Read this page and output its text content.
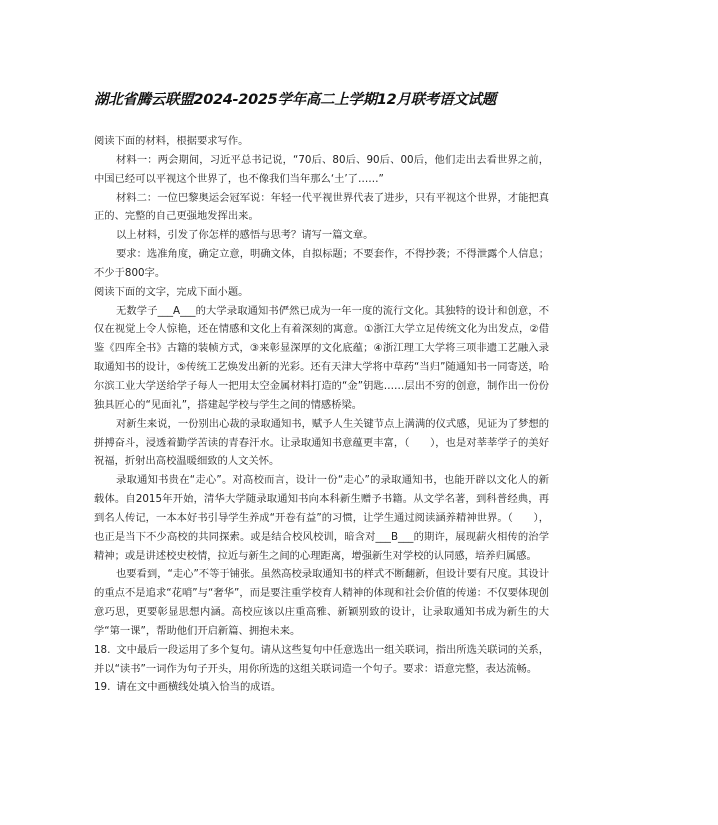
湖北省腾云联盟2024-2025学年高二上学期12月联考语文试题

阅读下面的材料，根据要求写作。

材料一：两会期间，习近平总书记说，“70后、80后、90后、00后，他们走出去看世界之前，中国已经可以平视这个世界了，也不像我们当年那么‘土’了……”

材料二：一位巴黎奥运会冠军说：年轻一代平视世界代表了进步，只有平视这个世界，才能把真正的、完整的自己更强地发挥出来。

以上材料，引发了你怎样的感悟与思考？请写一篇文章。

要求：选准角度，确定立意，明确文体，自拟标题；不要套作，不得抄袭；不得泄露个人信息；不少于800字。

阅读下面的文字，完成下面小题。

无数学子___A___的大学录取通知书俨然已成为一年一度的流行文化。其独特的设计和创意，不仅在视觉上令人惊艳，还在情感和文化上有着深刻的寓意。①浙江大学立足传统文化为出发点，②借鉴《四库全书》古籍的装帧方式，③来彰显深厚的文化底蕴；④浙江理工大学将三项非遗工艺融入录取通知书的设计，⑤传统工艺焕发出新的光彩。还有天津大学将中草药“当归”随通知书一同寄送，哈尔滨工业大学送给学子每人一把用太空金属材料打造的“金”钥匙……层出不穷的创意，制作出一份份独具匠心的“见面礼”，搭建起学校与学生之间的情感桥梁。

对新生来说，一份别出心裁的录取通知书，赋予人生关键节点上满满的仪式感，见证为了梦想的拼搏奋斗，浸透着勤学苦读的青春汗水。让录取通知书意蕴更丰富，（　　），也是对莘莘学子的美好祝福，折射出高校温暖细致的人文关怀。

录取通知书贵在“走心”。对高校而言，设计一份“走心”的录取通知书，也能开辟以文化人的新载体。自2015年开始，清华大学随录取通知书向本科新生赠予书籍。从文学名著，到科普经典，再到名人传记，一本本好书引导学生养成“开卷有益”的习惯，让学生通过阅读涵养精神世界。（　　），也正是当下不少高校的共同探索。或是结合校风校训，暗含对___B___的期许，展现薪火相传的治学精神；或是讲述校史校情，拉近与新生之间的心理距离，增强新生对学校的认同感，培养归属感。

也要看到，“走心”不等于铺张。虽然高校录取通知书的样式不断翻新，但设计要有尺度。其设计的重点不是追求“花哨”与“奢华”，而是要注重学校育人精神的体现和社会价值的传递：不仅要体现创意巧思，更要彰显思想内涵。高校应该以庄重高雅、新颖别致的设计，让录取通知书成为新生的大学“第一课”，帮助他们开启新篇、拥抱未来。

18. 文中最后一段运用了多个复句。请从这些复句中任意选出一组关联词，指出所选关联词的关系，并以“读书”一词作为句子开头，用你所选的这组关联词造一个句子。要求：语意完整，表达流畅。

19. 请在文中画横线处填入恰当的成语。
